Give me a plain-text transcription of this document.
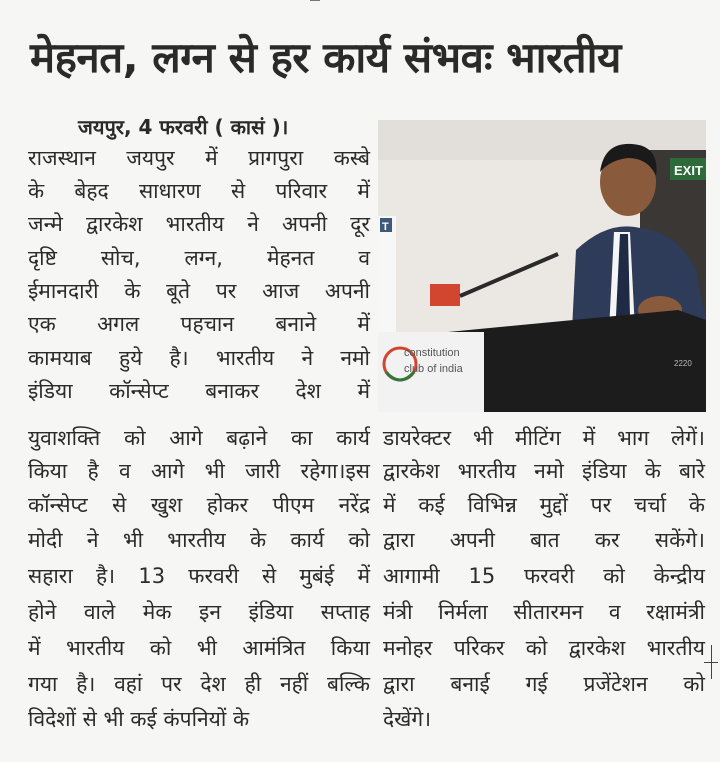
मेहनत, लग्न से हर कार्य संभवः भारतीय
जयपुर, 4 फरवरी ( कासं )।
राजस्थान जयपुर में प्रागपुरा कस्बे
के बेहद साधारण से परिवार में
जन्मे द्वारकेश भारतीय ने अपनी दूर
दृष्टि सोच, लग्न, मेहनत व
ईमानदारी के बूते पर आज अपनी
एक अगल पहचान बनाने में
कामयाब हुये है। भारतीय ने नमो
इंडिया कॉन्सेप्ट बनाकर देश में
युवाशक्ति को आगे बढ़ाने का कार्य
किया है व आगे भी जारी रहेगा।इस
कॉन्सेप्ट से खुश होकर पीएम नरेंद्र
मोदी ने भी भारतीय के कार्य को
सहारा है। 13 फरवरी से मुबंई में
होने वाले मेक इन इंडिया सप्ताह
में भारतीय को भी आमंत्रित किया
गया है। वहां पर देश ही नहीं बल्कि
विदेशों से भी कई कंपनियों के
डायरेक्टर भी मीटिंग में भाग लेगें।
द्वारकेश भारतीय नमो इंडिया के बारे
में कई विभिन्न मुद्दों पर चर्चा के
द्वारा अपनी बात कर सकेंगे।
आगामी 15 फरवरी को केन्द्रीय
मंत्री निर्मला सीतारमन व रक्षामंत्री
मनोहर परिकर को द्वारकेश भारतीय
द्वारा बनाई गई प्रजेंटेशन को
देखेंगे।
EXIT
T
2220
constitution
club of india
